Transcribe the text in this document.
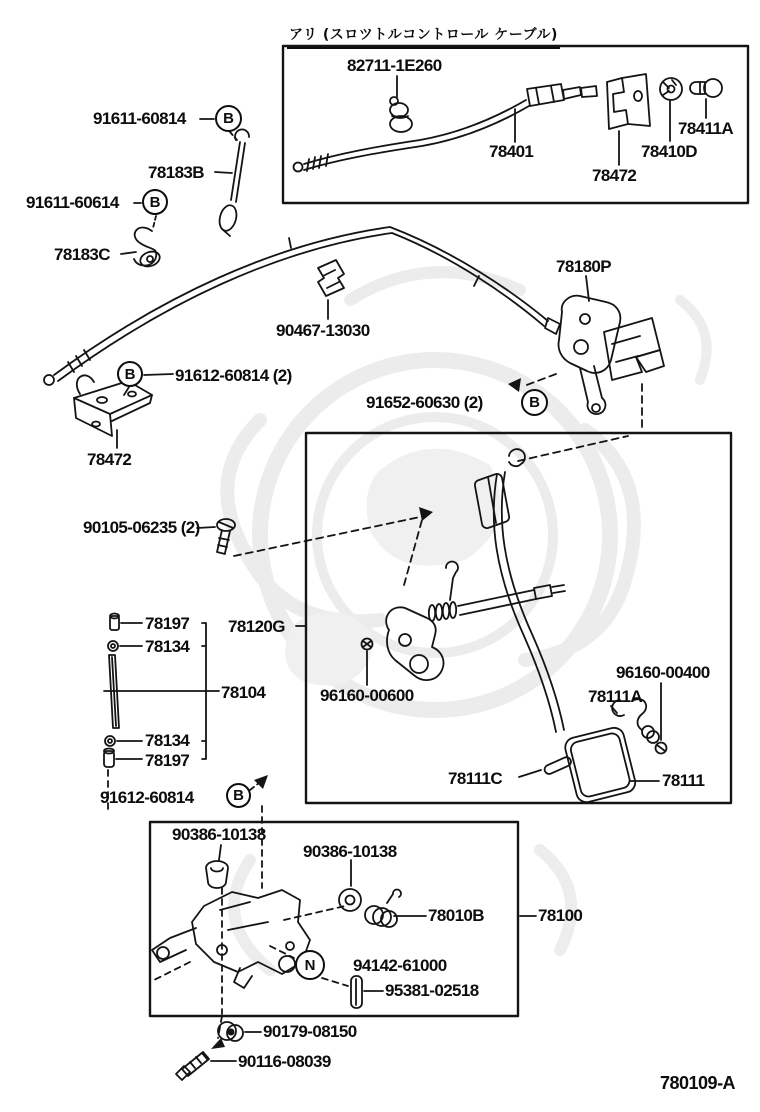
アリ (スロツトルコントロール ケーブル)
82711-1E260
91611-60814
78183B
91611-60614
78183C
78401
78472
78410D
78411A
78180P
90467-13030
91612-60814 (2)
91652-60630 (2)
78472
90105-06235 (2)
78197
78134
78120G
78104	96160-00600
96160-00400
78111A
78134
78197
91612-60814
78111C	78111
90386-10138
90386-10138
78010B	78100
94142-61000
95381-02518
90179-08150
90116-08039
780109-A
B
B
B
B
B
N
